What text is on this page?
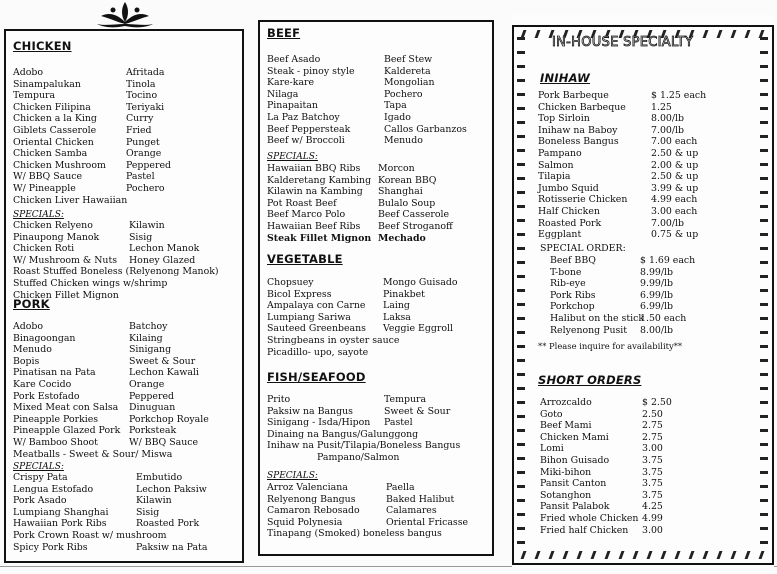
CHICKEN
Adobo
Sinampalukan
Tempura
Chicken Filipina
Chicken a la King
Giblets Casserole
Oriental Chicken
Chicken Samba
Chicken Mushroom
W/ BBQ Sauce
W/ Pineapple
Chicken Liver Hawaiian
Afritada
Tinola
Tocino
Teriyaki
Curry
Fried
Punget
Orange
Peppered
Pastel
Pochero
SPECIALS:
Chicken Relyeno
Pinaupong Manok
Chicken Roti
W/ Mushroom & Nuts
Kilawin
Sisig
Lechon Manok
Honey Glazed
Roast Stuffed Boneless (Relyenong Manok)
Stuffed Chicken wings w/shrimp
Chicken Fillet Mignon
PORK
Adobo
Binagoongan
Menudo
Bopis
Pinatisan na Pata
Kare Cocido
Pork Estofado
Mixed Meat con Salsa
Pineapple Porkies
Pineapple Glazed Pork
W/ Bamboo Shoot
Batchoy
Kilaing
Sinigang
Sweet & Sour
Lechon Kawali
Orange
Peppered
Dinuguan
Porkchop Royale
Porksteak
W/ BBQ Sauce
Meatballs - Sweet & Sour/ Miswa
SPECIALS:
Crispy Pata
Lengua Estofado
Pork Asado
Lumpiang Shanghai
Hawaiian Pork Ribs
Embutido
Lechon Paksiw
Kilawin
Sisig
Roasted Pork
Pork Crown Roast w/ mushroom
Spicy Pork Ribs	Paksiw na Pata
BEEF
Beef Asado
Steak - pinoy style
Kare-kare
Nilaga
Pinapaitan
La Paz Batchoy
Beef Peppersteak
Beef w/ Broccoli
Beef Stew
Kaldereta
Mongolian
Pochero
Tapa
Igado
Callos Garbanzos
Menudo
SPECIALS:
Hawaiian BBQ Ribs
Kalderetang Kambing
Kilawin na Kambing
Pot Roast Beef
Beef Marco Polo
Hawaiian Beef Ribs
Steak Fillet Mignon
Morcon
Korean BBQ
Shanghai
Bulalo Soup
Beef Casserole
Beef Stroganoff
Mechado
VEGETABLE
Chopsuey
Bicol Express
Ampalaya con Carne
Lumpiang Sariwa
Sauteed Greenbeans
Mongo Guisado
Pinakbet
Laing
Laksa
Veggie Eggroll
Stringbeans in oyster sauce
Picadillo- upo, sayote
FISH/SEAFOOD
Prito
Paksiw na Bangus
Sinigang - Isda/Hipon
Tempura
Sweet & Sour
Pastel
Dinaing na Bangus/Galunggong
Inihaw na Pusit/Tilapia/Boneless Bangus
Pampano/Salmon
SPECIALS:
Arroz Valenciana
Relyenong Bangus
Camaron Rebosado
Squid Polynesia
Paella
Baked Halibut
Calamares
Oriental Fricasse
Tinapang (Smoked) boneless bangus
IN-HOUSE SPECIALTY
INIHAW
Pork Barbeque
Chicken Barbeque
Top Sirloin
Inihaw na Baboy
Boneless Bangus
Pampano
Salmon
Tilapia
Jumbo Squid
Rotisserie Chicken
Half Chicken
Roasted Pork
Eggplant
$ 1.25 each
1.25
8.00/lb
7.00/lb
7.00 each
2.50 & up
2.00 & up
2.50 & up
3.99 & up
4.99 each
3.00 each
7.00/lb
0.75 & up
SPECIAL ORDER:
Beef BBQ
T-bone
Rib-eye
Pork Ribs
Porkchop
Halibut on the stick
Relyenong Pusit
$ 1.69 each
8.99/lb
9.99/lb
6.99/lb
6.99/lb
1.50 each
8.00/lb
** Please inquire for availability**
SHORT ORDERS
Arrozcaldo
Goto
Beef Mami
Chicken Mami
Lomi
Bihon Guisado
Miki-bihon
Pansit Canton
Sotanghon
Pansit Palabok
Fried whole Chicken
Fried half Chicken
$ 2.50
2.50
2.75
2.75
3.00
3.75
3.75
3.75
3.75
4.25
4.99
3.00
